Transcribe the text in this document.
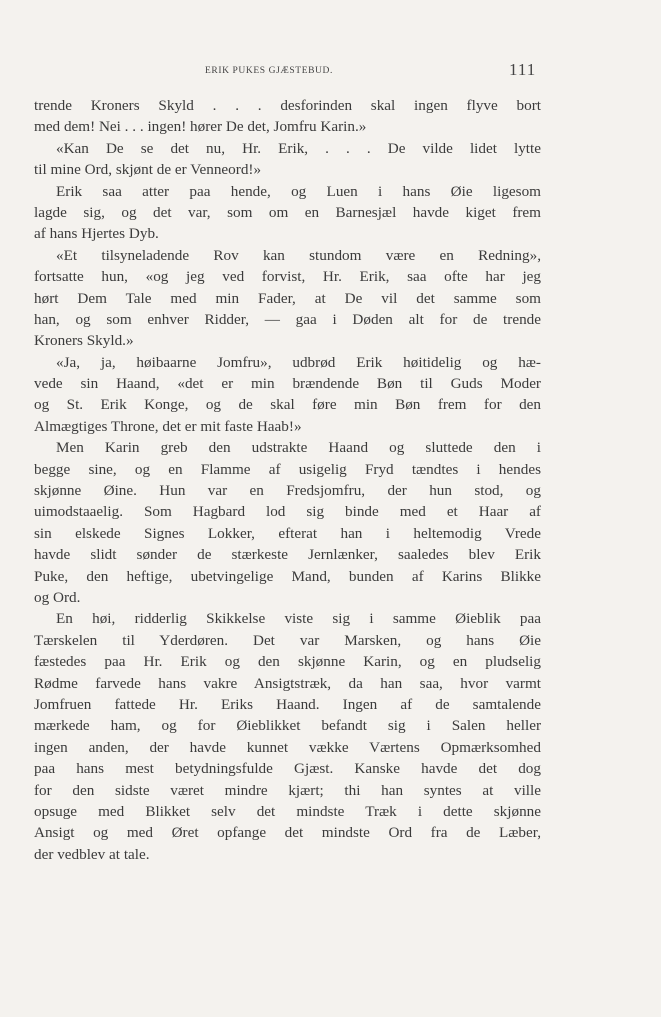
ERIK PUKES GJÆSTEBUD.	111
trende Kroners Skyld . . . desforinden skal ingen flyve bort
med dem! Nei . . . ingen! hører De det, Jomfru Karin.»
«Kan De se det nu, Hr. Erik, . . . De vilde lidet lytte
til mine Ord, skjønt de er Venneord!»
Erik saa atter paa hende, og Luen i hans Øie ligesom
lagde sig, og det var, som om en Barnesjæl havde kiget frem
af hans Hjertes Dyb.
«Et tilsyneladende Rov kan stundom være en Redning»,
fortsatte hun, «og jeg ved forvist, Hr. Erik, saa ofte har jeg
hørt Dem Tale med min Fader, at De vil det samme som
han, og som enhver Ridder, — gaa i Døden alt for de trende
Kroners Skyld.»
«Ja, ja, høibaarne Jomfru», udbrød Erik høitidelig og hæ-
vede sin Haand, «det er min brændende Bøn til Guds Moder
og St. Erik Konge, og de skal føre min Bøn frem for den
Almægtiges Throne, det er mit faste Haab!»
Men Karin greb den udstrakte Haand og sluttede den i
begge sine, og en Flamme af usigelig Fryd tændtes i hendes
skjønne Øine. Hun var en Fredsjomfru, der hun stod, og
uimodstaaelig. Som Hagbard lod sig binde med et Haar af
sin elskede Signes Lokker, efterat han i heltemodig Vrede
havde slidt sønder de stærkeste Jernlænker, saaledes blev Erik
Puke, den heftige, ubetvingelige Mand, bunden af Karins Blikke
og Ord.
En høi, ridderlig Skikkelse viste sig i samme Øieblik paa
Tærskelen til Yderdøren. Det var Marsken, og hans Øie
fæstedes paa Hr. Erik og den skjønne Karin, og en pludselig
Rødme farvede hans vakre Ansigtstræk, da han saa, hvor varmt
Jomfruen fattede Hr. Eriks Haand. Ingen af de samtalende
mærkede ham, og for Øieblikket befandt sig i Salen heller
ingen anden, der havde kunnet vække Værtens Opmærksomhed
paa hans mest betydningsfulde Gjæst. Kanske havde det dog
for den sidste været mindre kjært; thi han syntes at ville
opsuge med Blikket selv det mindste Træk i dette skjønne
Ansigt og med Øret opfange det mindste Ord fra de Læber,
der vedblev at tale.
